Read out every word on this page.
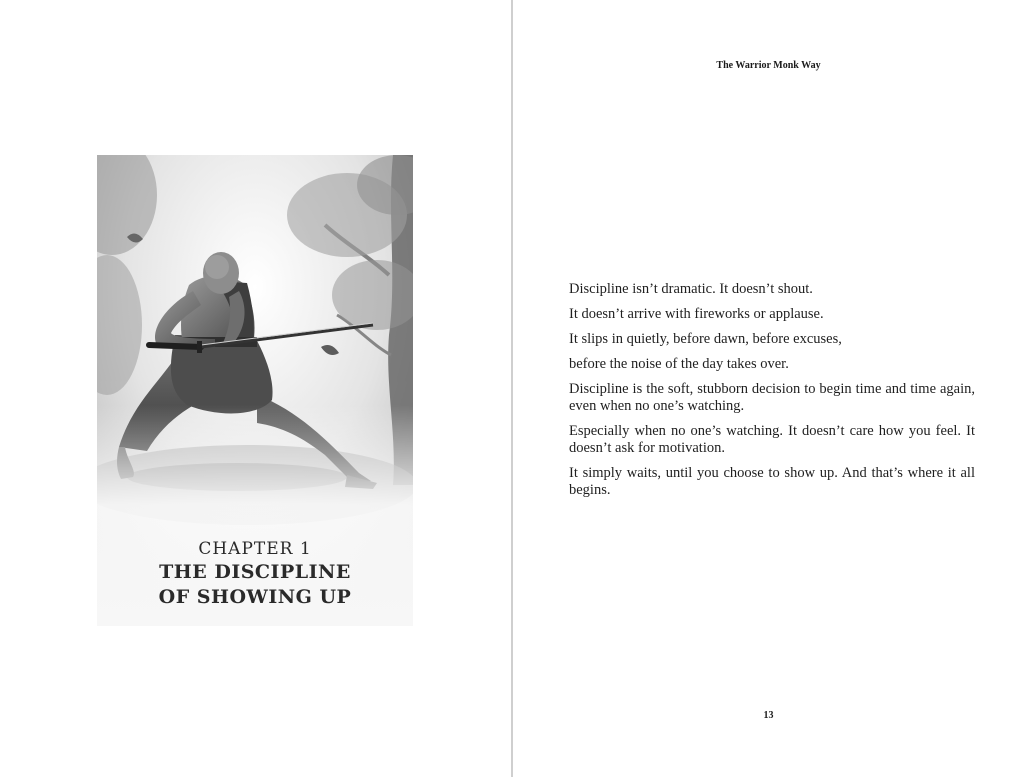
CHAPTER 1
THE DISCIPLINE
OF SHOWING UP
The Warrior Monk Way

Discipline isn’t dramatic. It doesn’t shout.

It doesn’t arrive with fireworks or applause.

It slips in quietly, before dawn, before excuses,

before the noise of the day takes over.

Discipline is the soft, stubborn decision to begin time and time again, even when no one’s watching.

Especially when no one’s watching. It doesn’t care how you feel. It doesn’t ask for motivation.

It simply waits, until you choose to show up. And that’s where it all begins.

13
